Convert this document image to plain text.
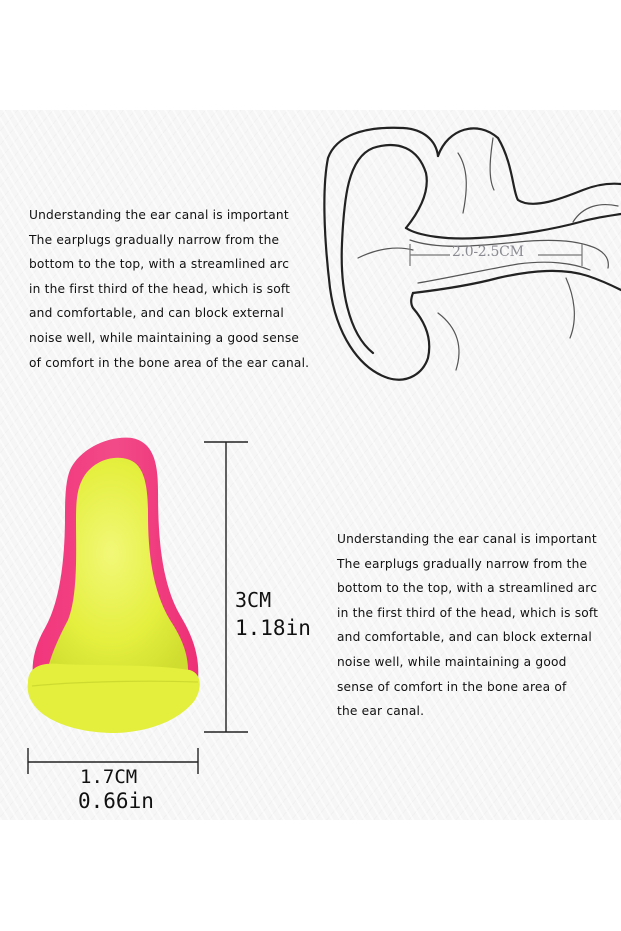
2.0-2.5CM

Understanding the ear canal is important
The earplugs gradually narrow from the
bottom to the top, with a streamlined arc
in the first third of the head, which is soft
and comfortable, and can block external
noise well, while maintaining a good sense
of comfort in the bone area of the ear canal.

3CM
1.18in
1.7CM
0.66in

Understanding the ear canal is important
The earplugs gradually narrow from the
bottom to the top, with a streamlined arc
in the first third of the head, which is soft
and comfortable, and can block external
noise well, while maintaining a good
sense of comfort in the bone area of
the ear canal.
